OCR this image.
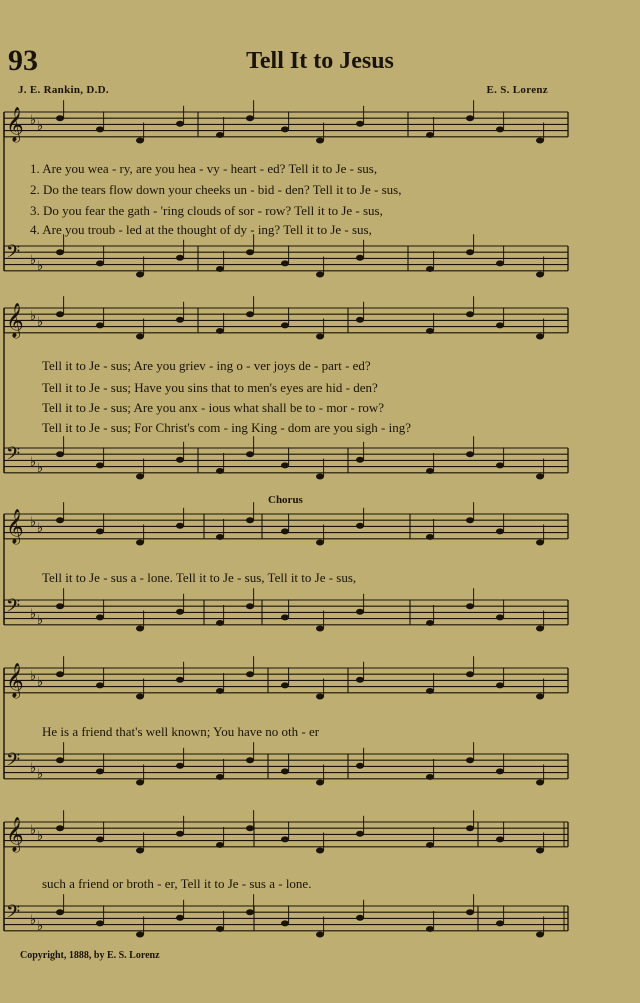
93	Tell It to Jesus
J. E. Rankin, D.D.	E. S. Lorenz
Chorus
Copyright, 1888, by E. S. Lorenz
1. Are you wea - ry, are you hea - vy - heart - ed? Tell it to Je - sus,
2. Do the tears flow down your cheeks un - bid - den? Tell it to Je - sus,
3. Do you fear the gath - 'ring clouds of sor - row? Tell it to Je - sus,
4. Are you troub - led at the thought of dy - ing? Tell it to Je - sus,
Tell it to Je - sus; Are you griev - ing o - ver joys de - part - ed?
Tell it to Je - sus; Have you sins that to men's eyes are hid - den?
Tell it to Je - sus; Are you anx - ious what shall be to - mor - row?
Tell it to Je - sus; For Christ's com - ing King - dom are you sigh - ing?
Tell it to Je - sus a - lone. Tell it to Je - sus, Tell it to Je - sus,
He is a friend that's well known; You have no oth - er
such a friend or broth - er, Tell it to Je - sus a - lone.
𝄞 ♭ ♭
𝄞 ♭ ♭
𝄞 ♭ ♭
𝄞 ♭ ♭
𝄞 ♭ ♭
𝄢 ♭ ♭
𝄢 ♭ ♭
𝄢 ♭ ♭
𝄢 ♭ ♭
𝄢 ♭ ♭
